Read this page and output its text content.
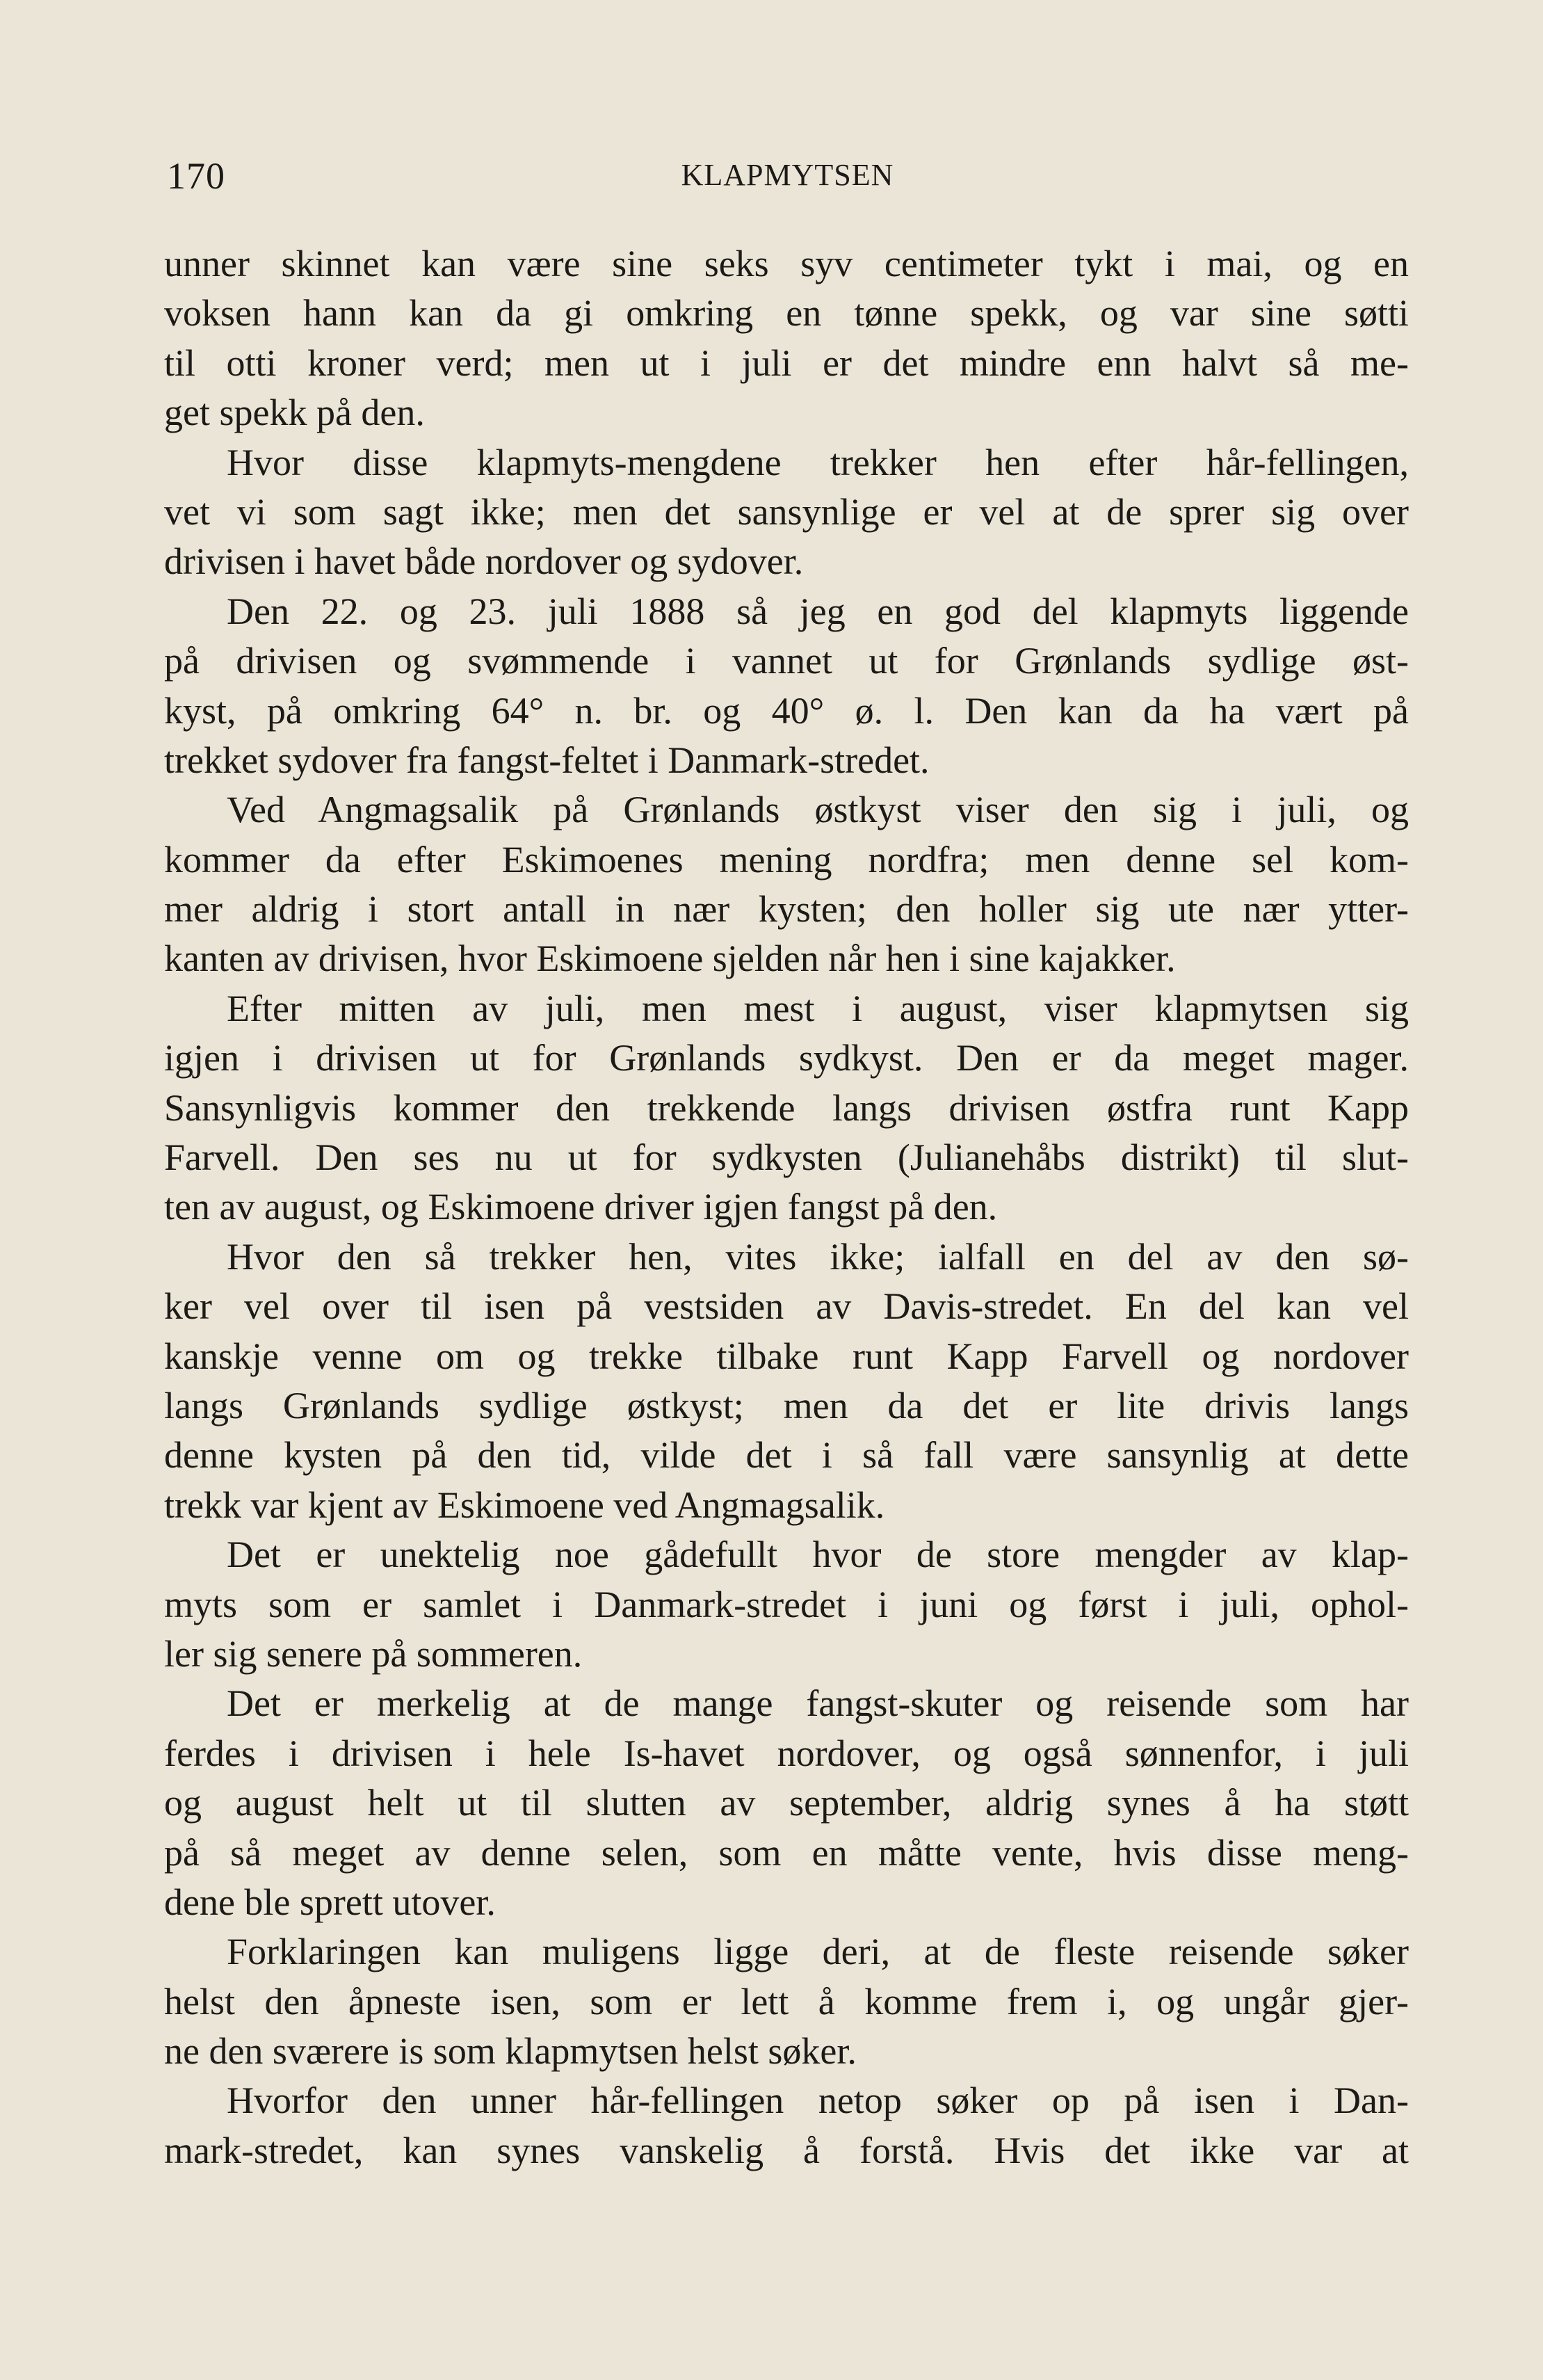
170	KLAPMYTSEN
unner skinnet kan være sine seks syv centimeter tykt i mai, og en
voksen hann kan da gi omkring en tønne spekk, og var sine søtti
til otti kroner verd; men ut i juli er det mindre enn halvt så me-
get spekk på den.
Hvor disse klapmyts-mengdene trekker hen efter hår-fellingen,
vet vi som sagt ikke; men det sansynlige er vel at de sprer sig over
drivisen i havet både nordover og sydover.
Den 22. og 23. juli 1888 så jeg en god del klapmyts liggende
på drivisen og svømmende i vannet ut for Grønlands sydlige øst-
kyst, på omkring 64° n. br. og 40° ø. l. Den kan da ha vært på
trekket sydover fra fangst-feltet i Danmark-stredet.
Ved Angmagsalik på Grønlands østkyst viser den sig i juli, og
kommer da efter Eskimoenes mening nordfra; men denne sel kom-
mer aldrig i stort antall in nær kysten; den holler sig ute nær ytter-
kanten av drivisen, hvor Eskimoene sjelden når hen i sine kajakker.
Efter mitten av juli, men mest i august, viser klapmytsen sig
igjen i drivisen ut for Grønlands sydkyst. Den er da meget mager.
Sansynligvis kommer den trekkende langs drivisen østfra runt Kapp
Farvell. Den ses nu ut for sydkysten (Julianehåbs distrikt) til slut-
ten av august, og Eskimoene driver igjen fangst på den.
Hvor den så trekker hen, vites ikke; ialfall en del av den sø-
ker vel over til isen på vestsiden av Davis-stredet. En del kan vel
kanskje venne om og trekke tilbake runt Kapp Farvell og nordover
langs Grønlands sydlige østkyst; men da det er lite drivis langs
denne kysten på den tid, vilde det i så fall være sansynlig at dette
trekk var kjent av Eskimoene ved Angmagsalik.
Det er unektelig noe gådefullt hvor de store mengder av klap-
myts som er samlet i Danmark-stredet i juni og først i juli, ophol-
ler sig senere på sommeren.
Det er merkelig at de mange fangst-skuter og reisende som har
ferdes i drivisen i hele Is-havet nordover, og også sønnenfor, i juli
og august helt ut til slutten av september, aldrig synes å ha støtt
på så meget av denne selen, som en måtte vente, hvis disse meng-
dene ble sprett utover.
Forklaringen kan muligens ligge deri, at de fleste reisende søker
helst den åpneste isen, som er lett å komme frem i, og ungår gjer-
ne den sværere is som klapmytsen helst søker.
Hvorfor den unner hår-fellingen netop søker op på isen i Dan-
mark-stredet, kan synes vanskelig å forstå. Hvis det ikke var at
